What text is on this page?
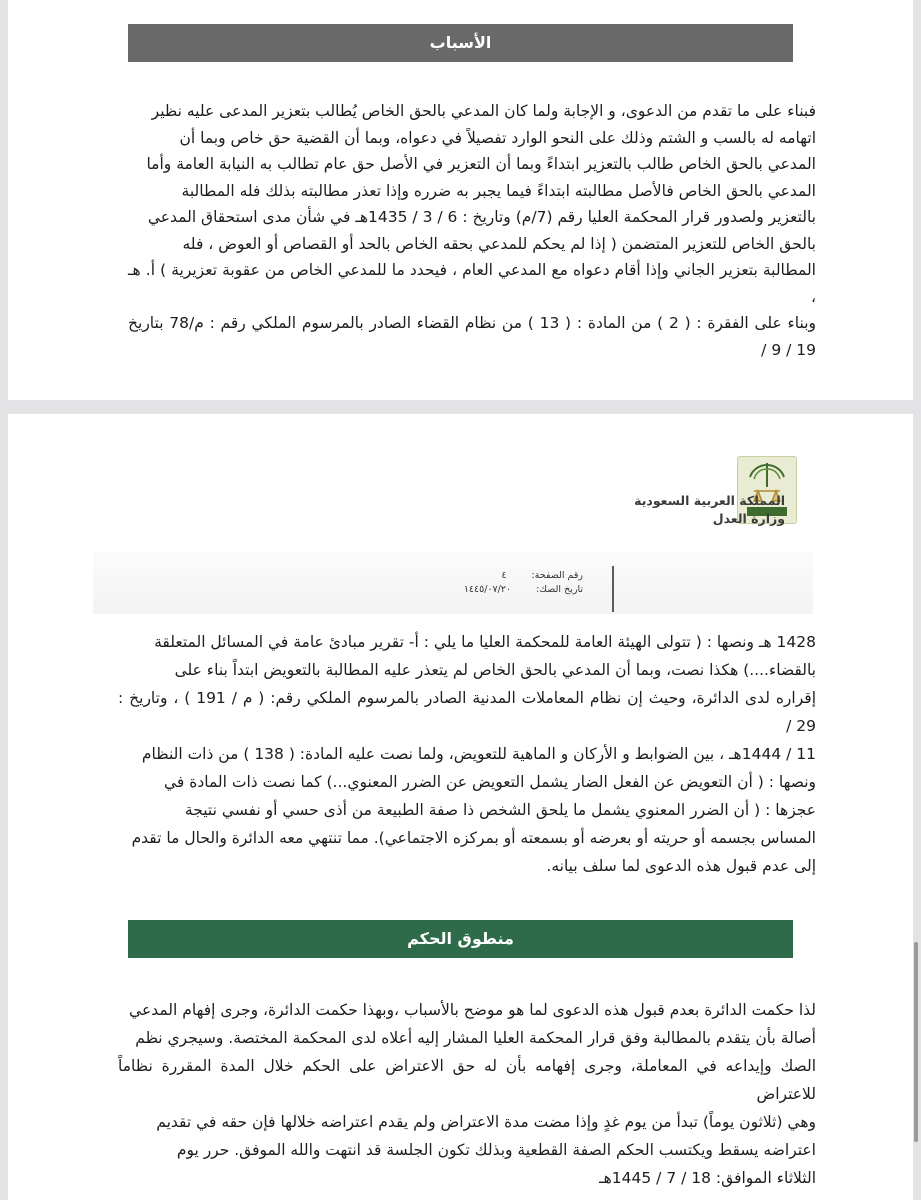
الأسباب

فبناء على ما تقدم من الدعوى، و الإجابة ولما كان المدعي بالحق الخاص يُطالب بتعزير المدعى عليه نظير

اتهامه له بالسب و الشتم وذلك على النحو الوارد تفصيلاً في دعواه، وبما أن القضية حق خاص وبما أن

المدعي بالحق الخاص طالب بالتعزير ابتداءً وبما أن التعزير في الأصل حق عام تطالب به النيابة العامة وأما

المدعي بالحق الخاص فالأصل مطالبته ابتداءً فيما يجبر به ضرره وإذا تعذر مطالبته بذلك فله المطالبة

بالتعزير ولصدور قرار المحكمة العليا رقم (7/م) وتاريخ : 6 / 3 / 1435هـ في شأن مدى استحقاق المدعي

بالحق الخاص للتعزير المتضمن ( إذا لم يحكم للمدعي بحقه الخاص بالحد أو القصاص أو العوض ، فله

المطالبة بتعزير الجاني وإذا أقام دعواه مع المدعي العام ، فيحدد ما للمدعي الخاص من عقوبة تعزيرية ) أ. هـ ،

وبناء على الفقرة : ( 2 ) من المادة : ( 13 ) من نظام القضاء الصادر بالمرسوم الملكي رقم : م/78 بتاريخ 19 / 9 /

المملكة العربية السعودية
وزارة العدل
رقم الصفحة: ٤
تاريخ الصك: ١٤٤٥/٠٧/٢٠

1428 هـ ونصها : ( تتولى الهيئة العامة للمحكمة العليا ما يلي : أ- تقرير مبادئ عامة في المسائل المتعلقة

بالقضاء....) هكذا نصت، وبما أن المدعي بالحق الخاص لم يتعذر عليه المطالبة بالتعويض ابتداً بناء على

إقراره لدى الدائرة، وحيث إن نظام المعاملات المدنية الصادر بالمرسوم الملكي رقم: ( م / 191 ) ، وتاريخ : 29 /

11 / 1444هـ ، بين الضوابط و الأركان و الماهية للتعويض، ولما نصت عليه المادة: ( 138 ) من ذات النظام

ونصها : ( أن التعويض عن الفعل الضار يشمل التعويض عن الضرر المعنوي...) كما نصت ذات المادة في

عجزها : ( أن الضرر المعنوي يشمل ما يلحق الشخص ذا صفة الطبيعة من أذى حسي أو نفسي نتيجة

المساس بجسمه أو حريته أو بعرضه أو بسمعته أو بمركزه الاجتماعي). مما تنتهي معه الدائرة والحال ما تقدم

إلى عدم قبول هذه الدعوى لما سلف بيانه.

منطوق الحكم

لذا حكمت الدائرة بعدم قبول هذه الدعوى لما هو موضح بالأسباب ،وبهذا حكمت الدائرة، وجرى إفهام المدعي

أصالة بأن يتقدم بالمطالبة وفق قرار المحكمة العليا المشار إليه أعلاه لدى المحكمة المختصة. وسيجري نظم

الصك وإيداعه في المعاملة، وجرى إفهامه بأن له حق الاعتراض على الحكم خلال المدة المقررة نظاماً للاعتراض

وهي (ثلاثون يوماً) تبدأ من يوم غدٍ وإذا مضت مدة الاعتراض ولم يقدم اعتراضه خلالها فإن حقه في تقديم

اعتراضه يسقط ويكتسب الحكم الصفة القطعية وبذلك تكون الجلسة قد انتهت والله الموفق. حرر يوم

الثلاثاء الموافق: 18 / 7 / 1445هـ
